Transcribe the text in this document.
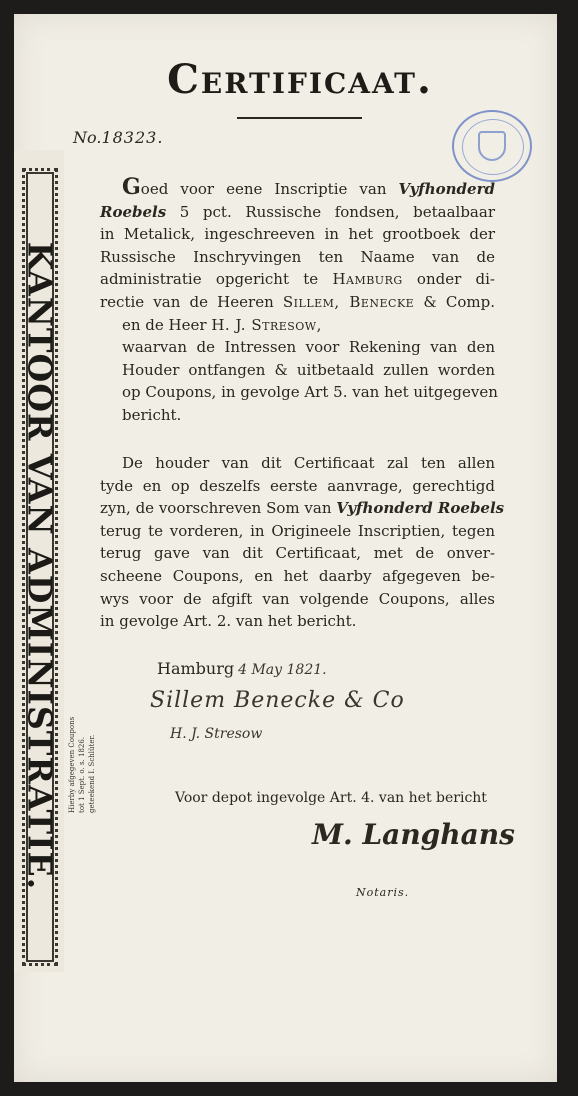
KANTOOR VAN ADMINISTRATIE. Hierby afgegeven Coupons tot 1 Sept. o. s. 1826. geteekend I. Schlüter.
Certificaat.
No.18323.
Goed voor eene Inscriptie van Vyfhonderd
Roebels 5 pct. Russische fondsen, betaalbaar
in Metalick, ingeschreeven in het grootboek der
Russische Inschryvingen ten Naame van de
administratie opgericht te Hamburg onder di-
rectie van de Heeren Sillem, Benecke & Comp.
en de Heer H. J. Stresow,
waarvan de Intressen voor Rekening van den
Houder ontfangen & uitbetaald zullen worden
op Coupons, in gevolge Art 5. van het uitgegeven
bericht.
De houder van dit Certificaat zal ten allen
tyde en op deszelfs eerste aanvrage, gerechtigd
zyn, de voorschreven Som van Vyfhonderd Roebels
terug te vorderen, in Origineele Inscriptien, tegen
terug gave van dit Certificaat, met de onver-
scheene Coupons, en het daarby afgegeven be-
wys voor de afgift van volgende Coupons, alles
in gevolge Art. 2. van het bericht.
Hamburg 4 May 1821.
Sillem Benecke & Co
H. J. Stresow
Voor depot ingevolge Art. 4. van het bericht
M. Langhans
Notaris.
